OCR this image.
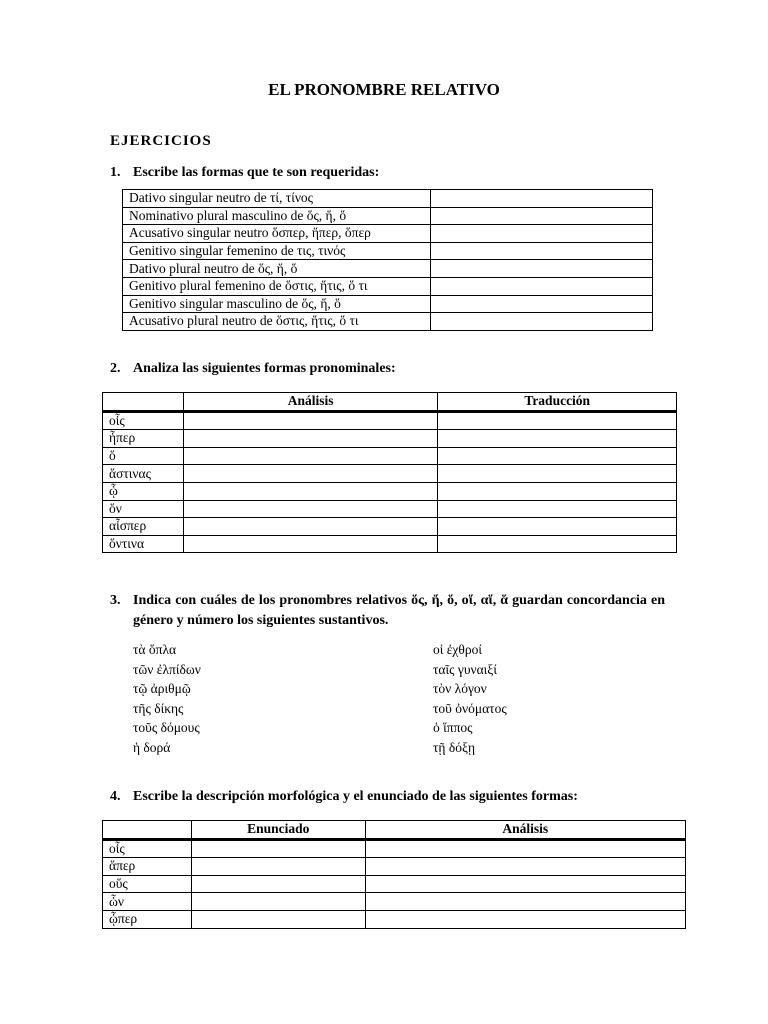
EL PRONOMBRE RELATIVO
EJERCICIOS
1. Escribe las formas que te son requeridas:
Dativo singular neutro de τί, τίνος	
Nominativo plural masculino de ὅς, ἥ, ὅ	
Acusativo singular neutro ὅσπερ, ἥπερ, ὅπερ	
Genitivo singular femenino de τις, τινός	
Dativo plural neutro de ὅς, ἥ, ὅ	
Genitivo plural femenino de ὅστις, ἥτις, ὅ τι	
Genitivo singular masculino de ὅς, ἥ, ὅ	
Acusativo plural neutro de ὅστις, ἥτις, ὅ τι	
2. Analiza las siguientes formas pronominales:
	Análisis	Traducción
οἷς		
ἧπερ		
ὅ		
ἅστινας		
ᾧ		
ὅν		
αἷσπερ		
ὅντινα		
3. Indica con cuáles de los pronombres relativos ὅς, ἥ, ὅ, οἵ, αἵ, ἅ guardan concordancia en género y número los siguientes sustantivos.
τὰ ὅπλα
τῶν ἐλπίδων
τῷ ἀριθμῷ
τῆς δίκης
τοῦς δόμους
ἡ δορά
οἱ ἐχθροί
ταῖς γυναιξί
τὸν λόγον
τοῦ ὀνόματος
ὁ ἵππος
τῇ δόξῃ
4. Escribe la descripción morfológica y el enunciado de las siguientes formas:
	Enunciado	Análisis
οἷς		
ἅπερ		
οὕς		
ὧν		
ᾧπερ		
